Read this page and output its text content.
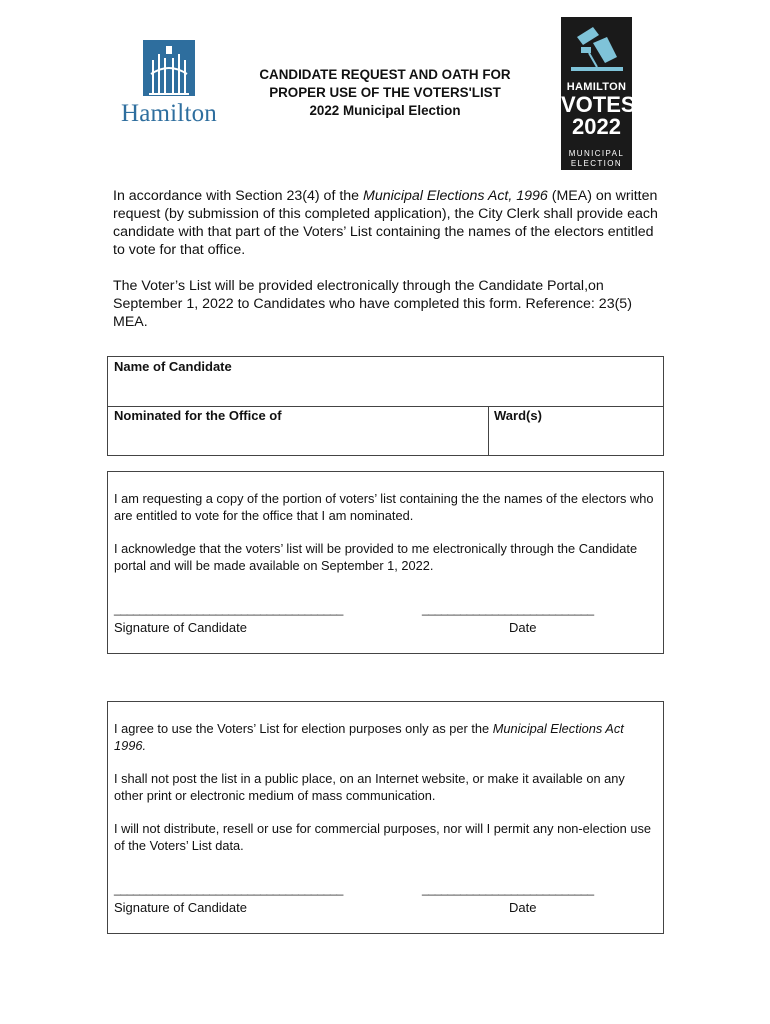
Hamilton
CANDIDATE REQUEST AND OATH FOR
PROPER USE OF THE VOTERS'LIST
2022 Municipal Election
HAMILTON
VOTES
2022
MUNICIPAL
ELECTION

In accordance with Section 23(4) of the Municipal Elections Act, 1996 (MEA) on written request (by submission of this completed application), the City Clerk shall provide each candidate with that part of the Voters’ List containing the names of the electors entitled to vote for that office.

The Voter’s List will be provided electronically through the Candidate Portal,on September 1, 2022 to Candidates who have completed this form. Reference: 23(5) MEA.

Name of Candidate
Nominated for the Office of	Ward(s)

I am requesting a copy of the portion of voters’ list containing the the names of the electors who are entitled to vote for the office that I am nominated.

I acknowledge that the voters’ list will be provided to me electronically through the Candidate portal and will be made available on September 1, 2022.

____________________________________	___________________________
Signature of Candidate	Date

I agree to use the Voters’ List for election purposes only as per the Municipal Elections Act 1996.

I shall not post the list in a public place, on an Internet website, or make it available on any other print or electronic medium of mass communication.

I will not distribute, resell or use for commercial purposes, nor will I permit any non-election use of the Voters’ List data.

____________________________________	___________________________
Signature of Candidate	Date
